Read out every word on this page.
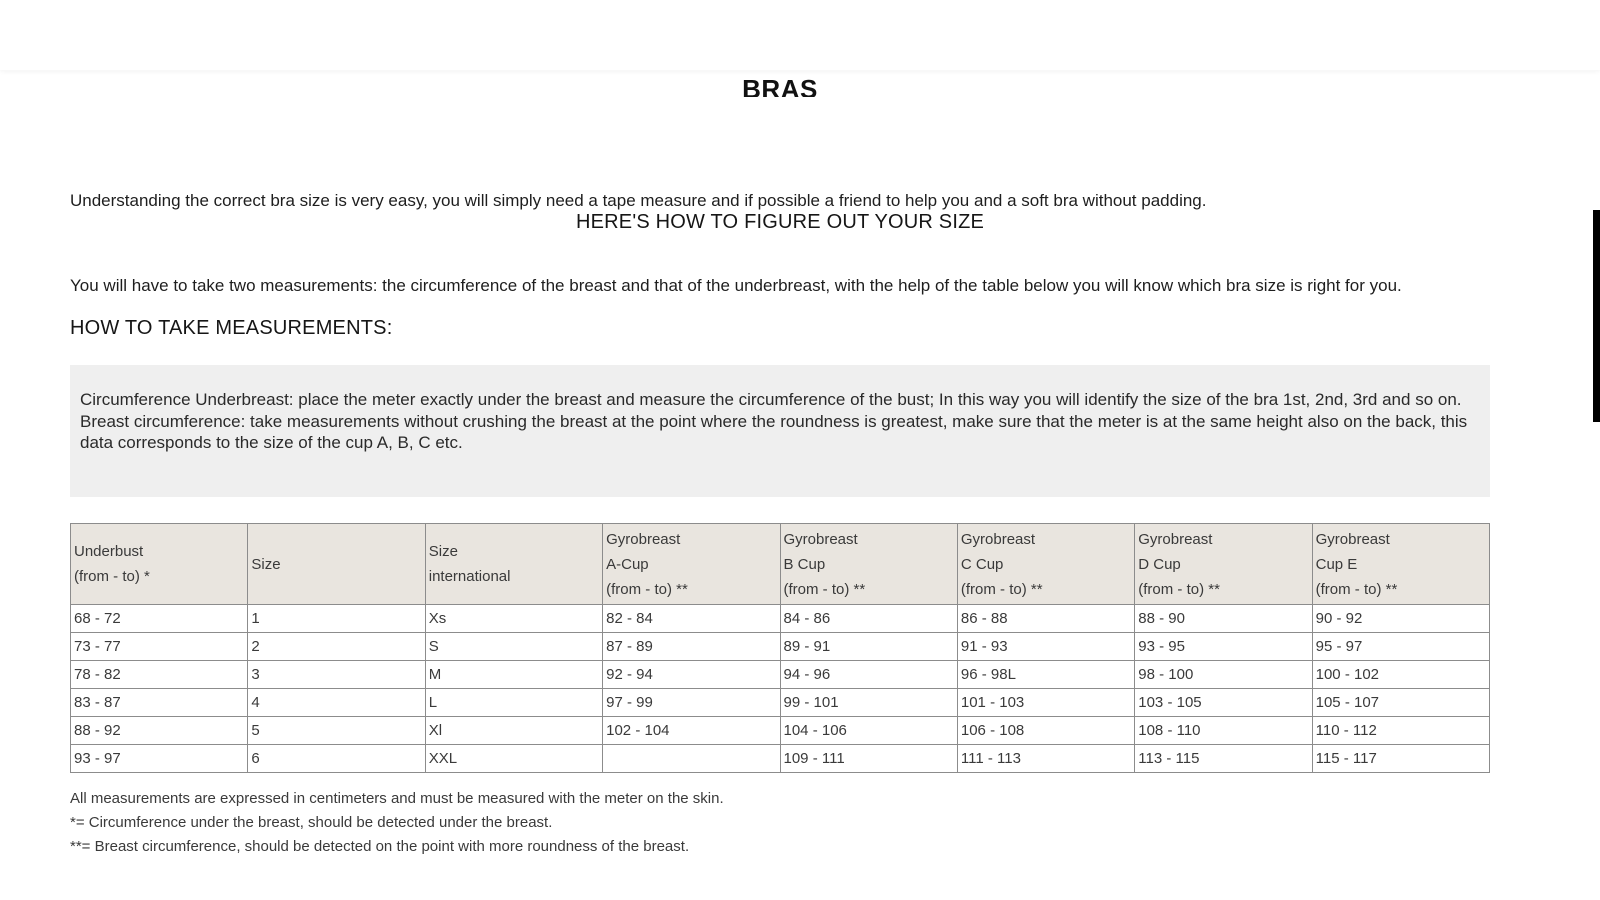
BRAS

Understanding the correct bra size is very easy, you will simply need a tape measure and if possible a friend to help you and a soft bra without padding.

HERE'S HOW TO FIGURE OUT YOUR SIZE

You will have to take two measurements: the circumference of the breast and that of the underbreast, with the help of the table below you will know which bra size is right for you.

HOW TO TAKE MEASUREMENTS:

Circumference Underbreast: place the meter exactly under the breast and measure the circumference of the bust; In this way you will identify the size of the bra 1st, 2nd, 3rd and so on.

Breast circumference: take measurements without crushing the breast at the point where the roundness is greatest, make sure that the meter is at the same height also on the back, this data corresponds to the size of the cup A, B, C etc.

Underbust
(from - to) *	Size	Size
international	Gyrobreast
A-Cup
(from - to) **	Gyrobreast
B Cup
(from - to) **	Gyrobreast
C Cup
(from - to) **	Gyrobreast
D Cup
(from - to) **	Gyrobreast
Cup E
(from - to) **
68 - 72	1	Xs	82 - 84	84 - 86	86 - 88	88 - 90	90 - 92
73 - 77	2	S	87 - 89	89 - 91	91 - 93	93 - 95	95 - 97
78 - 82	3	M	92 - 94	94 - 96	96 - 98L	98 - 100	100 - 102
83 - 87	4	L	97 - 99	99 - 101	101 - 103	103 - 105	105 - 107
88 - 92	5	Xl	102 - 104	104 - 106	106 - 108	108 - 110	110 - 112
93 - 97	6	XXL		109 - 111	111 - 113	113 - 115	115 - 117
All measurements are expressed in centimeters and must be measured with the meter on the skin.
*= Circumference under the breast, should be detected under the breast.
**= Breast circumference, should be detected on the point with more roundness of the breast.
